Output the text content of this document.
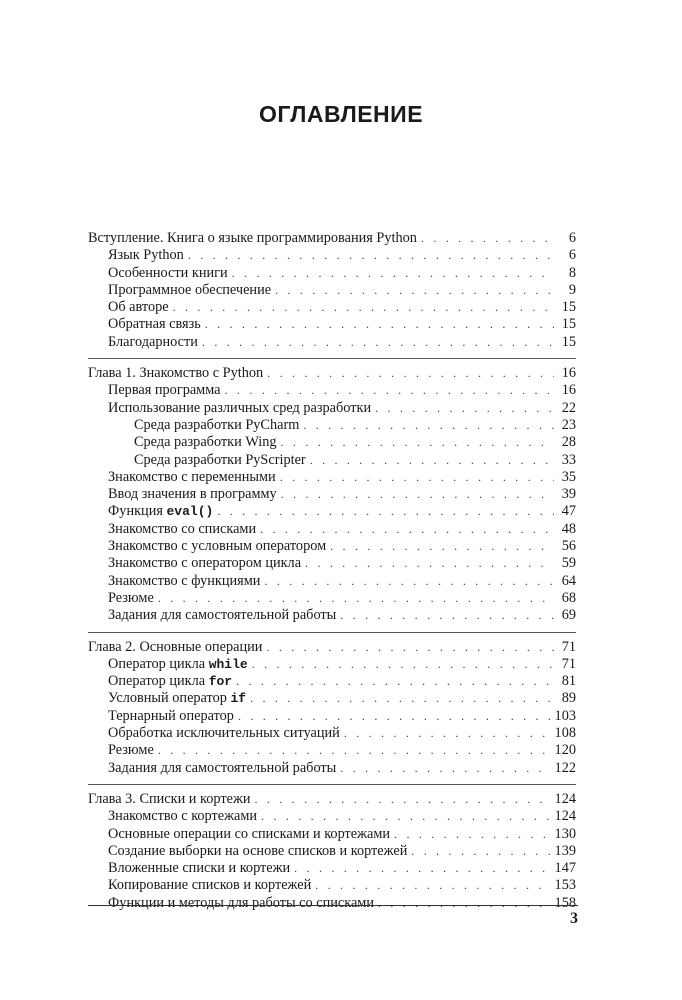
ОГЛАВЛЕНИЕ
Вступление. Книга о языке программирования Python . . .	6
Язык Python . . .	6
Особенности книги . . .	8
Программное обеспечение . . .	9
Об авторе . . .	15
Обратная связь . . .	15
Благодарности . . .	15
Глава 1. Знакомство с Python . . .	16
Первая программа . . .	16
Использование различных сред разработки . . .	22
Среда разработки PyCharm . . .	23
Среда разработки Wing . . .	28
Среда разработки PyScripter . . .	33
Знакомство с переменными . . .	35
Ввод значения в программу . . .	39
Функция eval() . . .	47
Знакомство со списками . . .	48
Знакомство с условным оператором . . .	56
Знакомство с оператором цикла . . .	59
Знакомство с функциями . . .	64
Резюме . . .	68
Задания для самостоятельной работы . . .	69
Глава 2. Основные операции . . .	71
Оператор цикла while . . .	71
Оператор цикла for . . .	81
Условный оператор if . . .	89
Тернарный оператор . . .	103
Обработка исключительных ситуаций . . .	108
Резюме . . .	120
Задания для самостоятельной работы . . .	122
Глава 3. Списки и кортежи . . .	124
Знакомство с кортежами . . .	124
Основные операции со списками и кортежами . . .	130
Создание выборки на основе списков и кортежей . . .	139
Вложенные списки и кортежи . . .	147
Копирование списков и кортежей . . .	153
Функции и методы для работы со списками . . .	158
3
